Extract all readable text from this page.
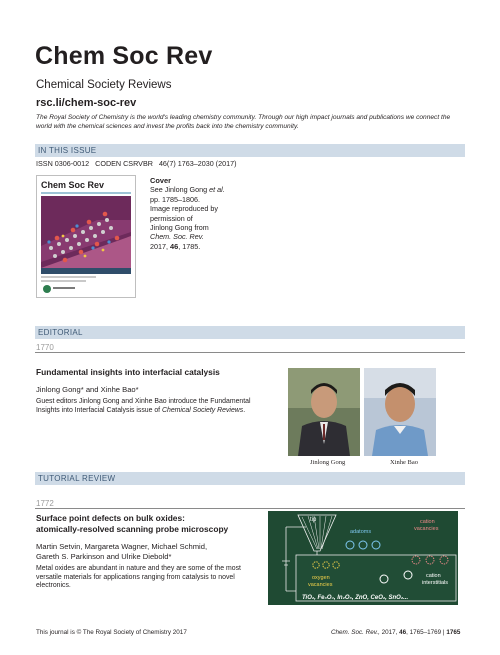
Chem Soc Rev
Chemical Society Reviews
rsc.li/chem-soc-rev
The Royal Society of Chemistry is the world's leading chemistry community. Through our high impact journals and publications we connect the world with the chemical sciences and invest the profits back into the chemistry community.
IN THIS ISSUE
ISSN 0306-0012 CODEN CSRVBR 46(7) 1763–2030 (2017)
Chem Soc Rev	Cover
See Jinlong Gong et al.
pp. 1785–1806.
Image reproduced by
permission of
Jinlong Gong from
Chem. Soc. Rev.
2017, 46, 1785.
EDITORIAL
1770
Fundamental insights into interfacial catalysis
Jinlong Gong* and Xinhe Bao*
Guest editors Jinlong Gong and Xinhe Bao introduce the Fundamental Insights into Interfacial Catalysis issue of Chemical Society Reviews.
Jinlong Gong	Xinhe Bao
TUTORIAL REVIEW
1772
Surface point defects on bulk oxides:
atomically-resolved scanning probe microscopy
Martin Setvin, Margareta Wagner, Michael Schmid,
Gareth S. Parkinson and Ulrike Diebold*
Metal oxides are abundant in nature and they are some of the most versatile materials for applications ranging from catalysis to novel electronics.
tip
adatoms
cation
vacancies
oxygen
vacancies
cation
interstitials
TiO₂, Fe₃O₄, In₂O₃, ZnO, CeO₂, SnO₂...
This journal is © The Royal Society of Chemistry 2017	Chem. Soc. Rev., 2017, 46, 1765–1769 | 1765
